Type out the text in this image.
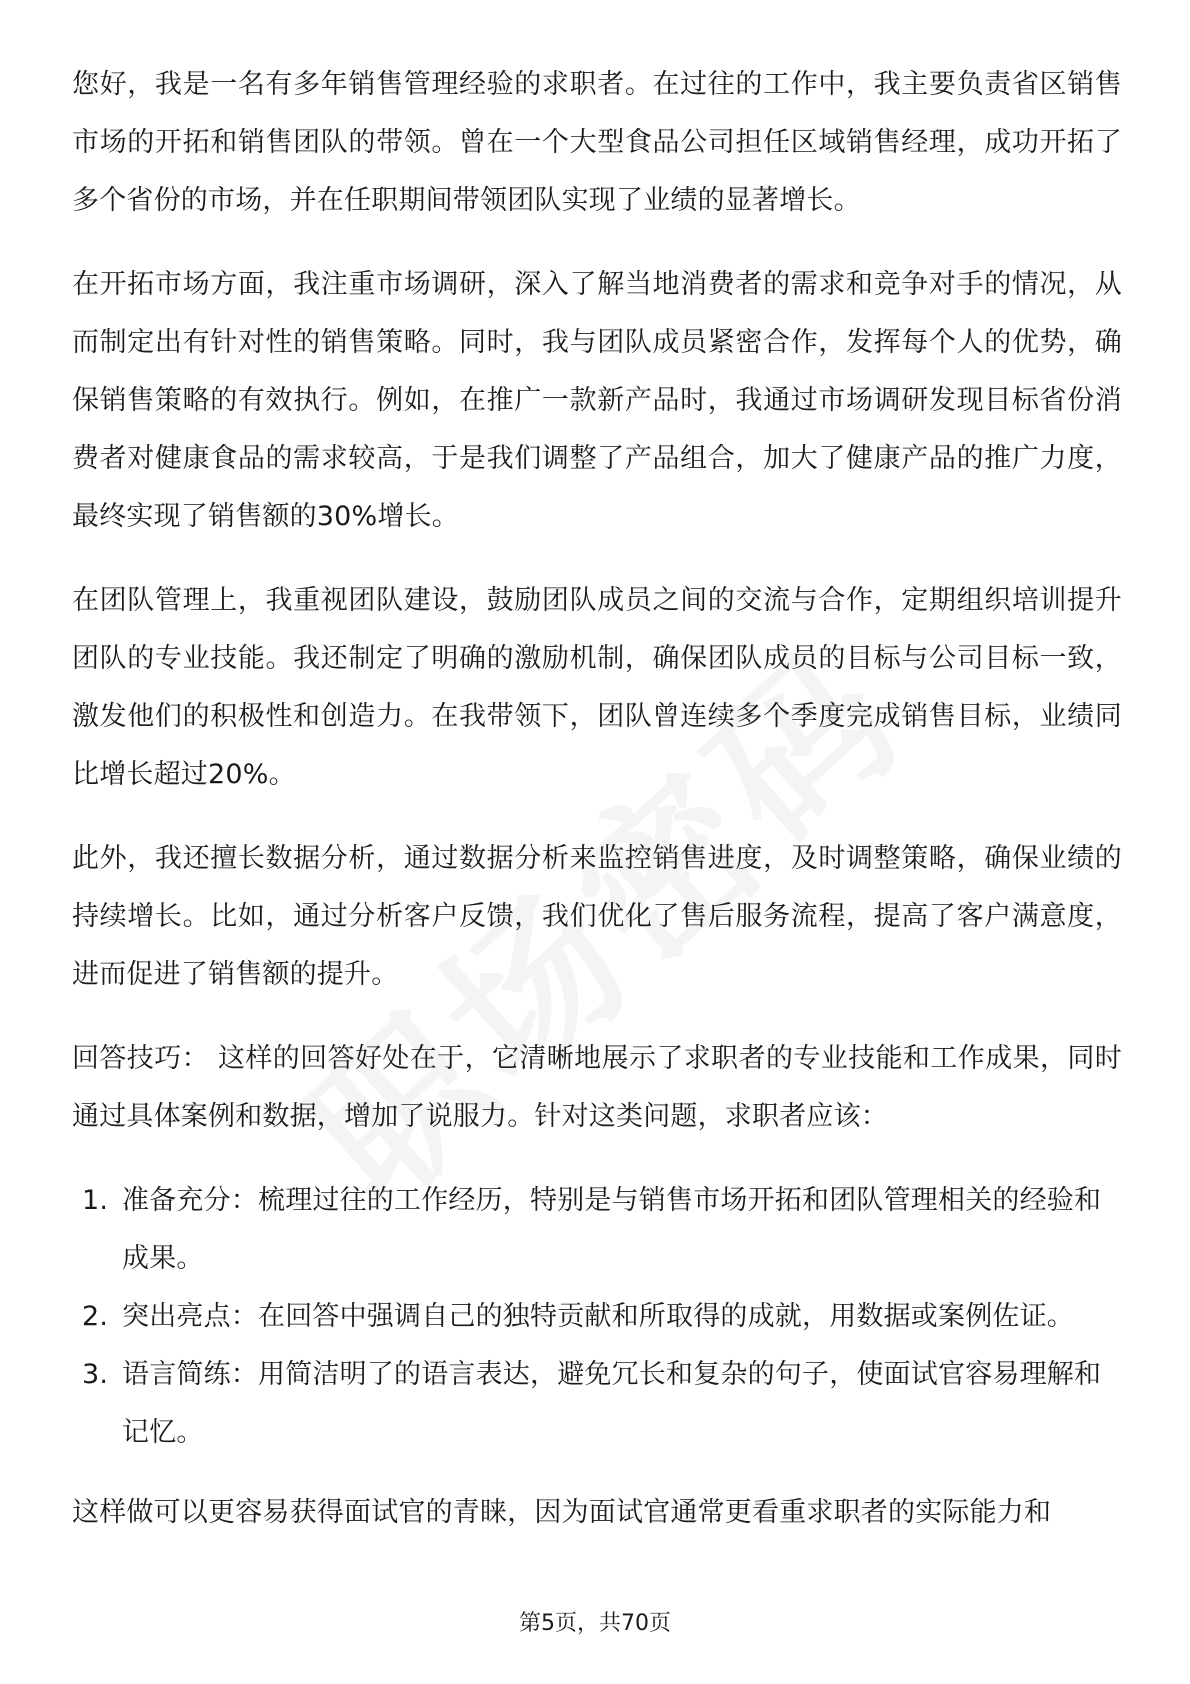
您好，我是一名有多年销售管理经验的求职者。在过往的工作中，我主要负责省区销售市场的开拓和销售团队的带领。曾在一个大型食品公司担任区域销售经理，成功开拓了多个省份的市场，并在任职期间带领团队实现了业绩的显著增长。

在开拓市场方面，我注重市场调研，深入了解当地消费者的需求和竞争对手的情况，从而制定出有针对性的销售策略。同时，我与团队成员紧密合作，发挥每个人的优势，确保销售策略的有效执行。例如，在推广一款新产品时，我通过市场调研发现目标省份消费者对健康食品的需求较高，于是我们调整了产品组合，加大了健康产品的推广力度，最终实现了销售额的30%增长。

在团队管理上，我重视团队建设，鼓励团队成员之间的交流与合作，定期组织培训提升团队的专业技能。我还制定了明确的激励机制，确保团队成员的目标与公司目标一致，激发他们的积极性和创造力。在我带领下，团队曾连续多个季度完成销售目标，业绩同比增长超过20%。

此外，我还擅长数据分析，通过数据分析来监控销售进度，及时调整策略，确保业绩的持续增长。比如，通过分析客户反馈，我们优化了售后服务流程，提高了客户满意度，进而促进了销售额的提升。

回答技巧： 这样的回答好处在于，它清晰地展示了求职者的专业技能和工作成果，同时通过具体案例和数据，增加了说服力。针对这类问题，求职者应该：

1. 准备充分：梳理过往的工作经历，特别是与销售市场开拓和团队管理相关的经验和成果。
2. 突出亮点：在回答中强调自己的独特贡献和所取得的成就，用数据或案例佐证。
3. 语言简练：用简洁明了的语言表达，避免冗长和复杂的句子，使面试官容易理解和记忆。

这样做可以更容易获得面试官的青睐，因为面试官通常更看重求职者的实际能力和

第5页，共70页
